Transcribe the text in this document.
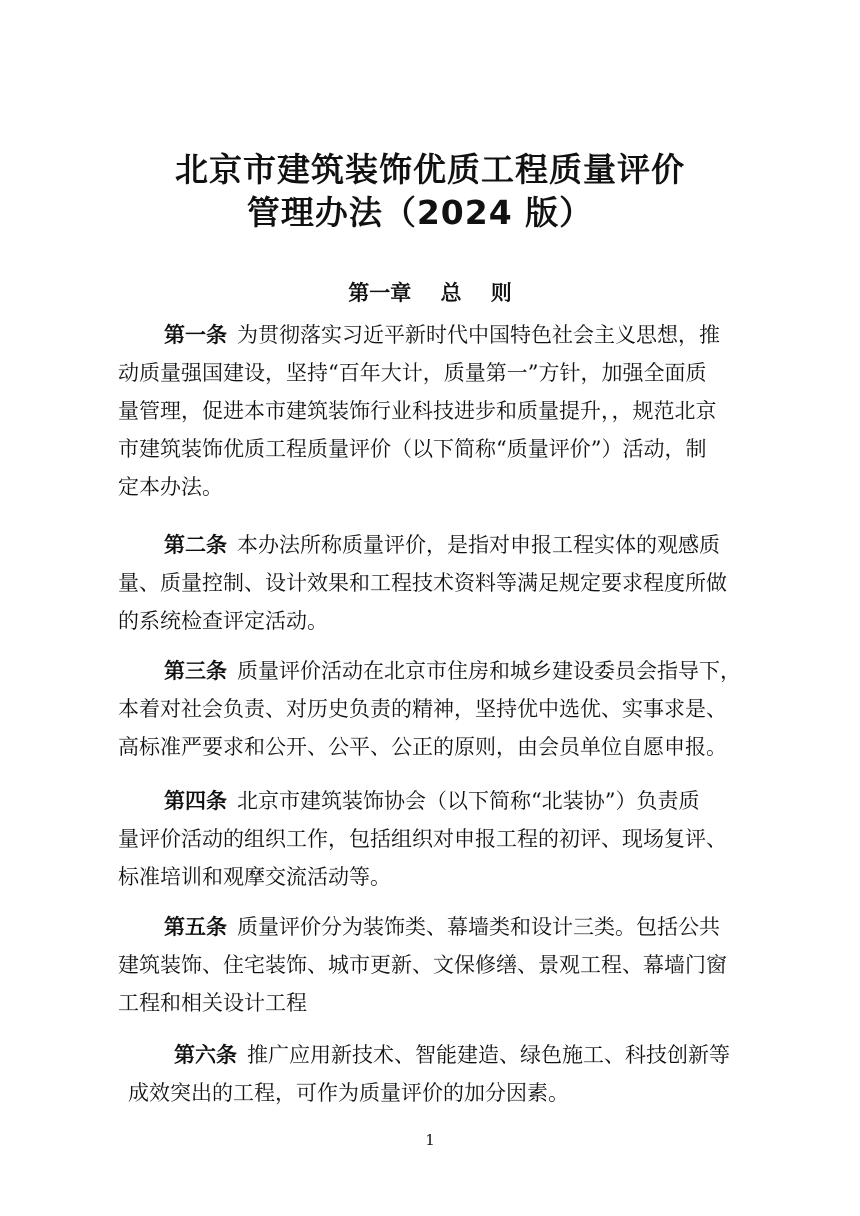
北京市建筑装饰优质工程质量评价
管理办法（2024 版）
第一章    总    则
第一条 为贯彻落实习近平新时代中国特色社会主义思想，推
动质量强国建设，坚持“百年大计，质量第一”方针，加强全面质
量管理，促进本市建筑装饰行业科技进步和质量提升，，规范北京
市建筑装饰优质工程质量评价（以下简称“质量评价”）活动，制
定本办法。
第二条 本办法所称质量评价，是指对申报工程实体的观感质
量、质量控制、设计效果和工程技术资料等满足规定要求程度所做
的系统检查评定活动。
第三条 质量评价活动在北京市住房和城乡建设委员会指导下，
本着对社会负责、对历史负责的精神，坚持优中选优、实事求是、
高标准严要求和公开、公平、公正的原则，由会员单位自愿申报。
第四条 北京市建筑装饰协会（以下简称“北装协”）负责质
量评价活动的组织工作，包括组织对申报工程的初评、现场复评、
标准培训和观摩交流活动等。
第五条 质量评价分为装饰类、幕墙类和设计三类。包括公共
建筑装饰、住宅装饰、城市更新、文保修缮、景观工程、幕墙门窗
工程和相关设计工程
第六条 推广应用新技术、智能建造、绿色施工、科技创新等
成效突出的工程，可作为质量评价的加分因素。
1
